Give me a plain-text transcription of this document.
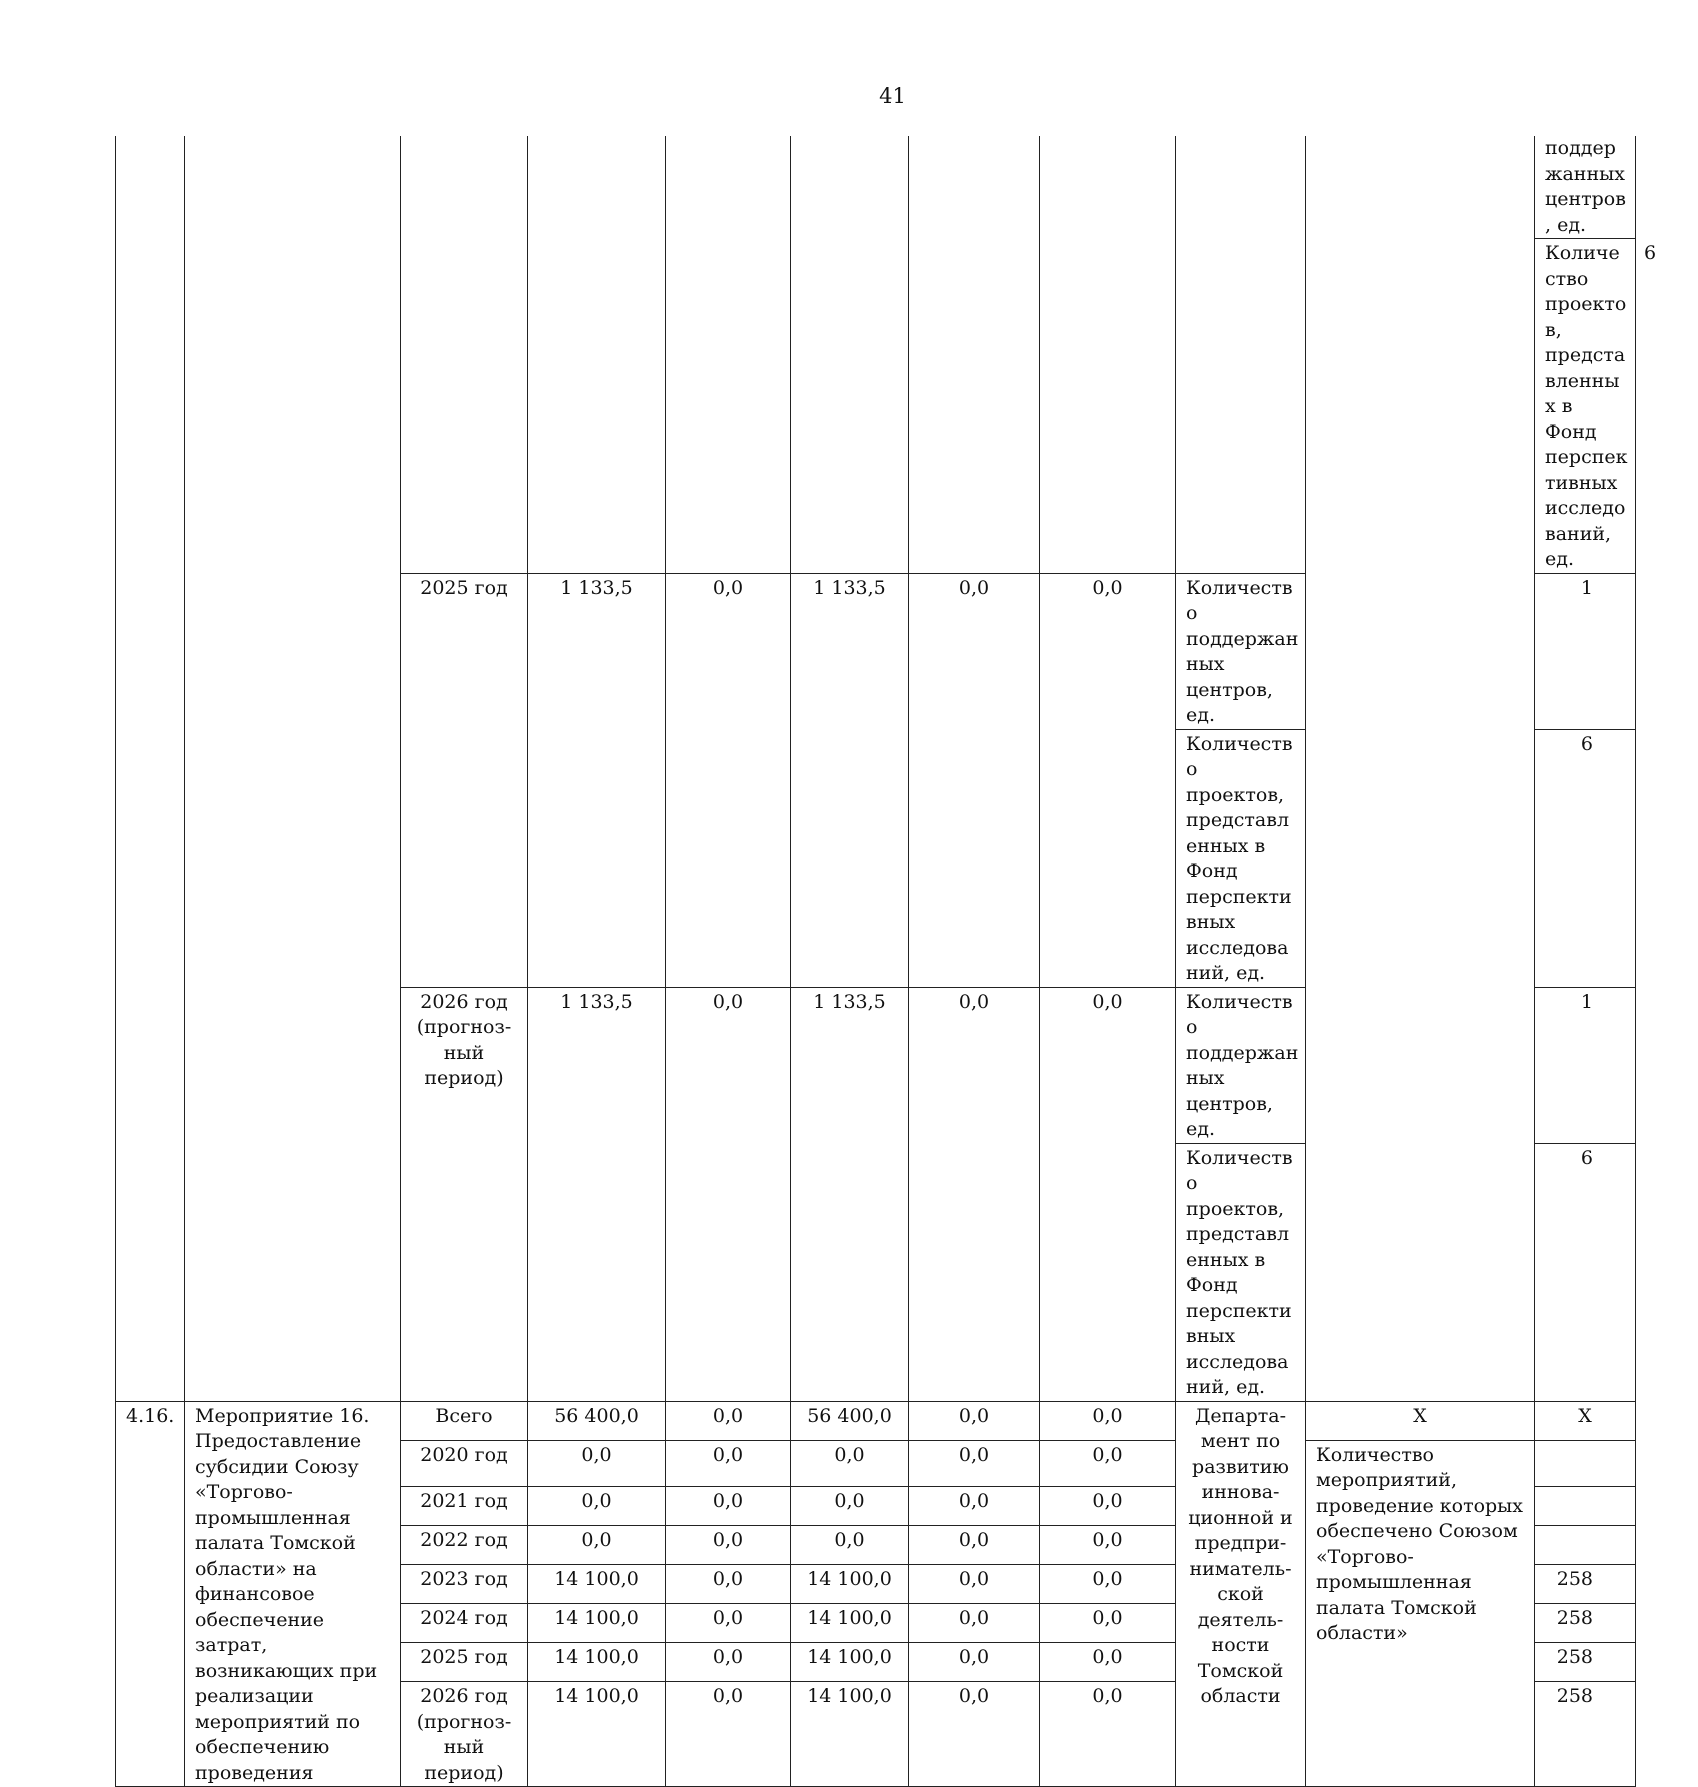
41
										поддержанных центров, ед.	
										Количество проектов, представленных в Фонд перспективных исследований, ед.	6
		2025 год	1 133,5	0,0	1 133,5	0,0	0,0	Количество поддержанных центров, ед.		1	
								Количество проектов, представленных в Фонд перспективных исследований, ед.		6	
		2026 год (прогноз-ный период)	1 133,5	0,0	1 133,5	0,0	0,0	Количество поддержанных центров, ед.		1	
								Количество проектов, представленных в Фонд перспективных исследований, ед.		6	
4.16.	Мероприятие 16. Предоставление субсидии Союзу «Торгово-промышленная палата Томской области» на финансовое обеспечение затрат, возникающих при реализации мероприятий по обеспечению проведения	Всего	56 400,0	0,0	56 400,0	0,0	0,0	Департа-мент по развитию иннова-ционной и предпри-ниматель-ской деятель-ности Томской области	Х	Х	
		2020 год	0,0	0,0	0,0	0,0	0,0		Количество мероприятий, проведение которых обеспечено Союзом «Торгово-промышленная палата Томской области»		
		2021 год	0,0	0,0	0,0	0,0	0,0				
		2022 год	0,0	0,0	0,0	0,0	0,0				
		2023 год	14 100,0	0,0	14 100,0	0,0	0,0			258	
		2024 год	14 100,0	0,0	14 100,0	0,0	0,0			258	
		2025 год	14 100,0	0,0	14 100,0	0,0	0,0			258	
		2026 год (прогноз-ный период)	14 100,0	0,0	14 100,0	0,0	0,0			258	
